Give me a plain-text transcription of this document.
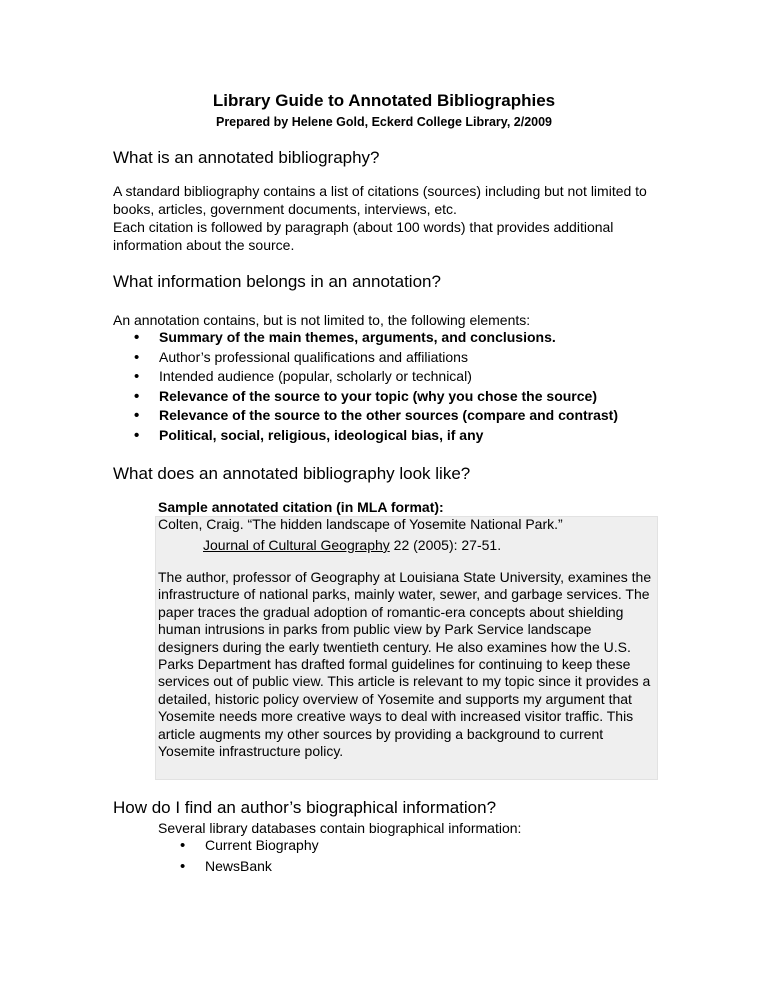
Library Guide to Annotated Bibliographies
Prepared by Helene Gold, Eckerd College Library, 2/2009
What is an annotated bibliography?

A standard bibliography contains a list of citations (sources) including but not limited to books, articles, government documents, interviews, etc.

Each citation is followed by paragraph (about 100 words) that provides additional information about the source.

What information belongs in an annotation?

An annotation contains, but is not limited to, the following elements:

• Summary of the main themes, arguments, and conclusions.
• Author’s professional qualifications and affiliations
• Intended audience (popular, scholarly or technical)
• Relevance of the source to your topic (why you chose the source)
• Relevance of the source to the other sources (compare and contrast)
• Political, social, religious, ideological bias, if any
What does an annotated bibliography look like?
Sample annotated citation (in MLA format):
Colten, Craig. “The hidden landscape of Yosemite National Park.”
Journal of Cultural Geography 22 (2005): 27-51.

The author, professor of Geography at Louisiana State University, examines the infrastructure of national parks, mainly water, sewer, and garbage services. The paper traces the gradual adoption of romantic-era concepts about shielding human intrusions in parks from public view by Park Service landscape designers during the early twentieth century. He also examines how the U.S. Parks Department has drafted formal guidelines for continuing to keep these services out of public view. This article is relevant to my topic since it provides a detailed, historic policy overview of Yosemite and supports my argument that Yosemite needs more creative ways to deal with increased visitor traffic. This article augments my other sources by providing a background to current Yosemite infrastructure policy.

How do I find an author’s biographical information?
Several library databases contain biographical information:
• Current Biography
• NewsBank
